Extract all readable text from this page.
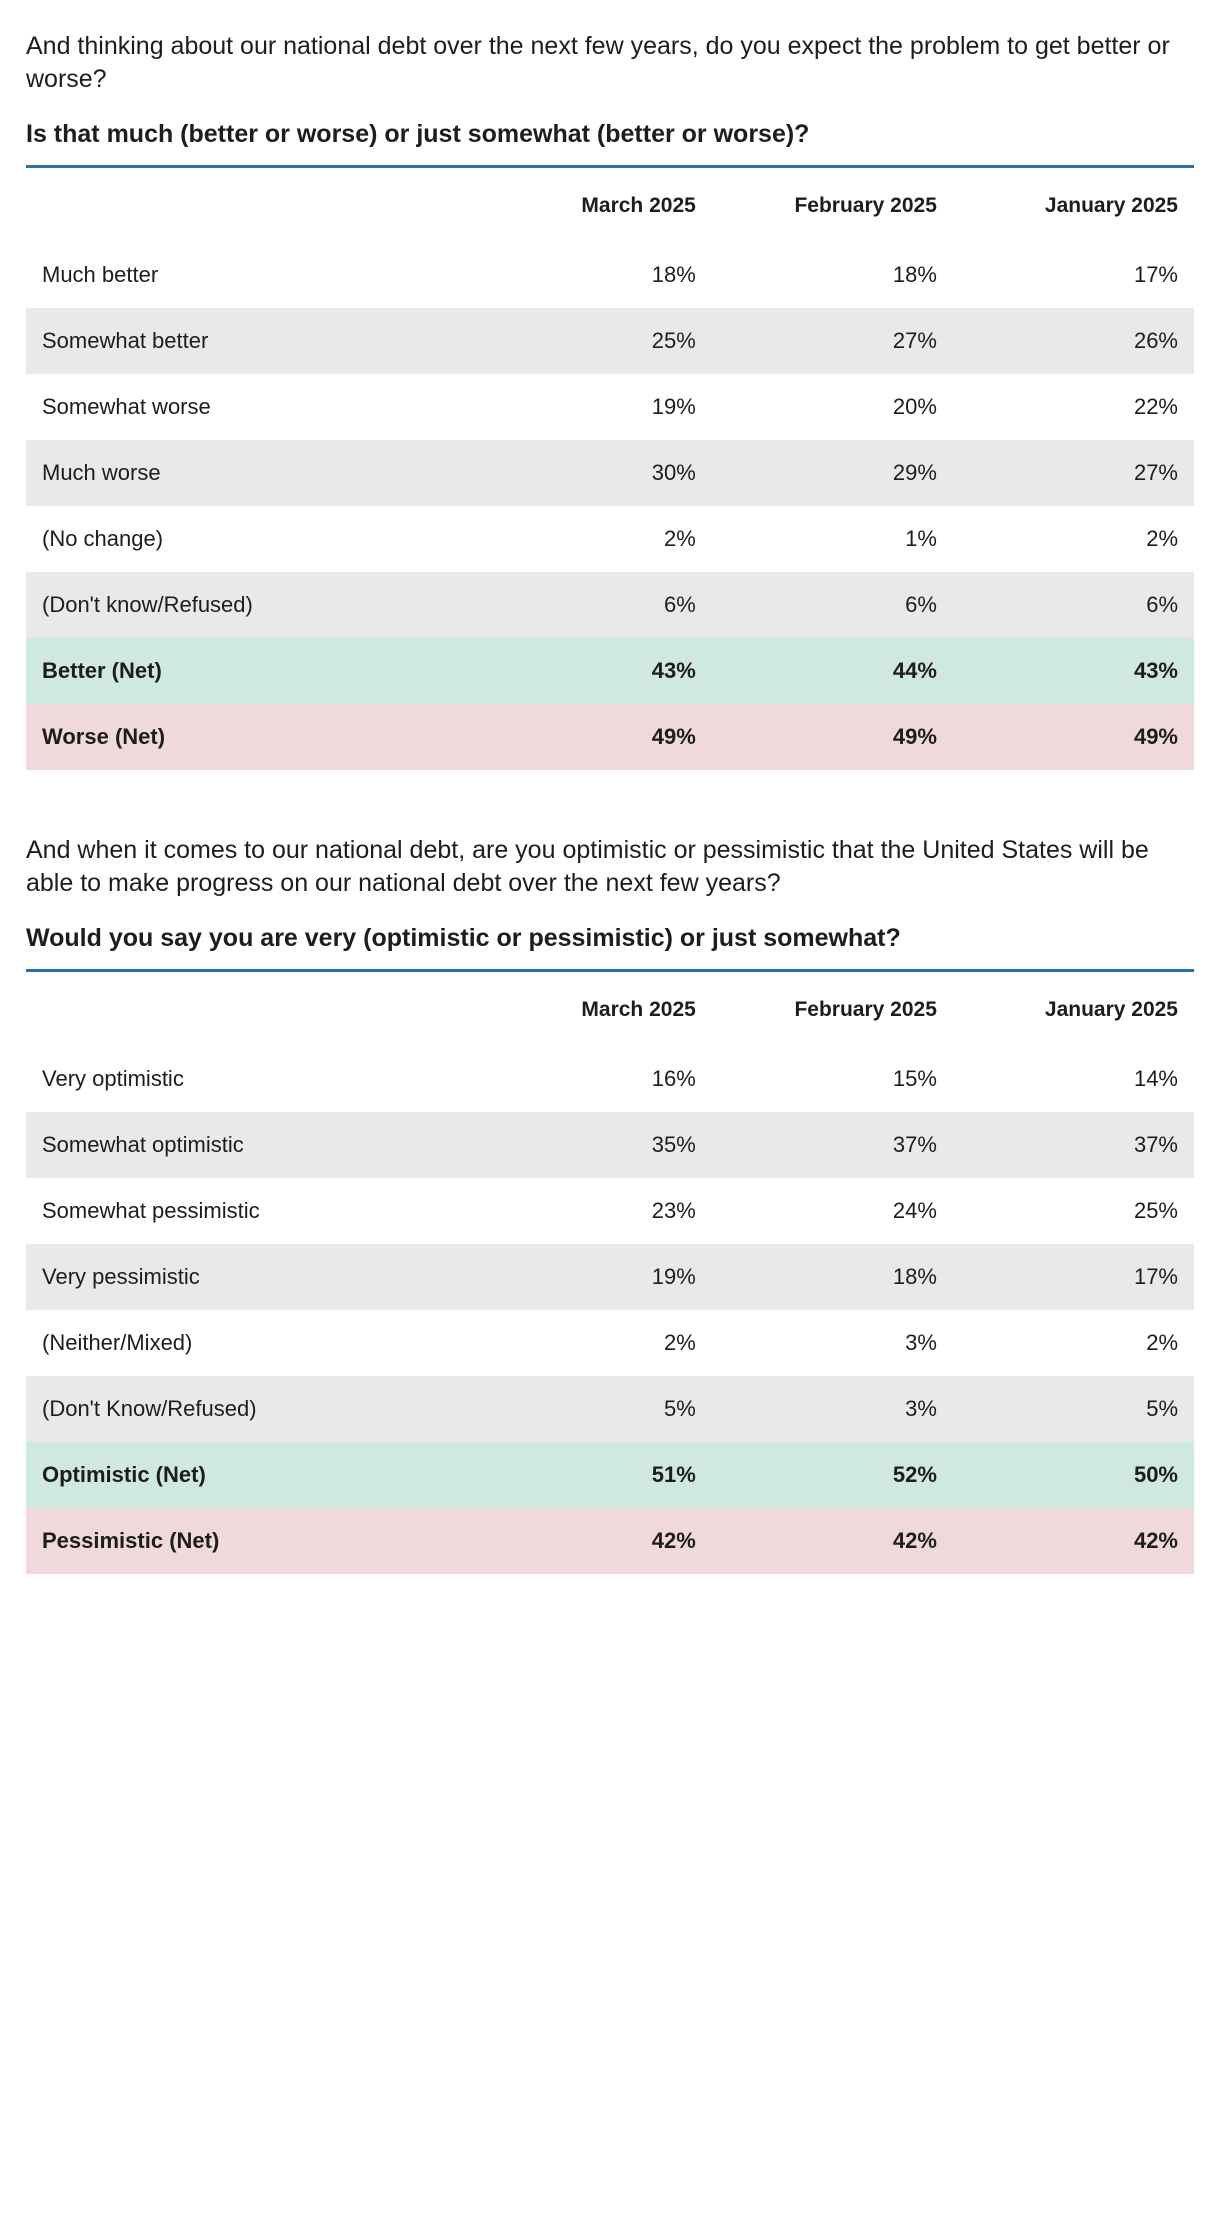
And thinking about our national debt over the next few years, do you expect the problem to get better or worse?

Is that much (better or worse) or just somewhat (better or worse)?

	March 2025	February 2025	January 2025
Much better	18%	18%	17%
Somewhat better	25%	27%	26%
Somewhat worse	19%	20%	22%
Much worse	30%	29%	27%
(No change)	2%	1%	2%
(Don't know/Refused)	6%	6%	6%
Better (Net)	43%	44%	43%
Worse (Net)	49%	49%	49%

And when it comes to our national debt, are you optimistic or pessimistic that the United States will be able to make progress on our national debt over the next few years?

Would you say you are very (optimistic or pessimistic) or just somewhat?

	March 2025	February 2025	January 2025
Very optimistic	16%	15%	14%
Somewhat optimistic	35%	37%	37%
Somewhat pessimistic	23%	24%	25%
Very pessimistic	19%	18%	17%
(Neither/Mixed)	2%	3%	2%
(Don't Know/Refused)	5%	3%	5%
Optimistic (Net)	51%	52%	50%
Pessimistic (Net)	42%	42%	42%
